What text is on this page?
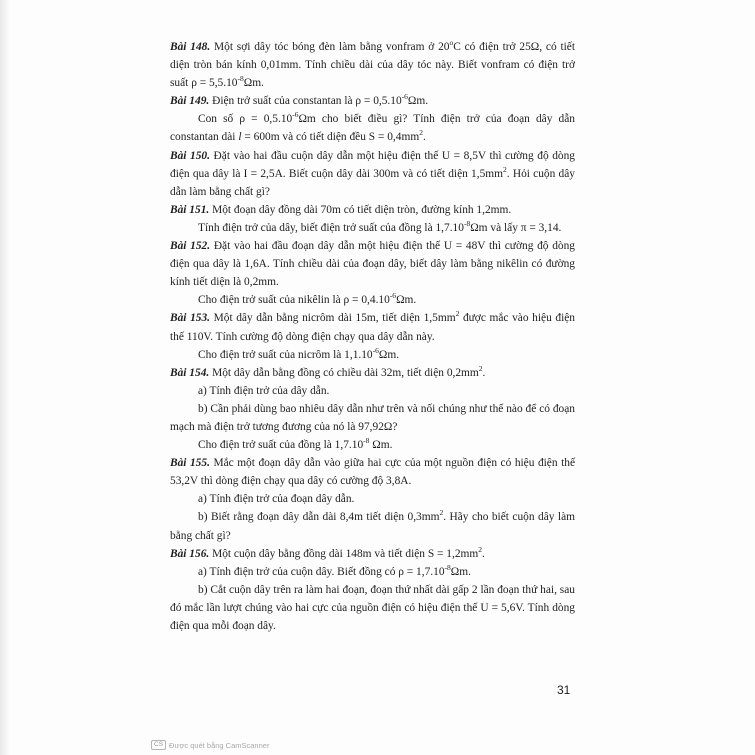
Bài 148. Một sợi dây tóc bóng đèn làm bằng vonfram ở 20$^o$C có điện trở 25Ω, có tiết diện tròn bán kính 0,01mm. Tính chiều dài của dây tóc này. Biết vonfram có điện trở suất $\rho = 5,5.10^{-8}\Omega m$.

Bài 149. Điện trở suất của constantan là $\rho = 0,5.10^{-6}\Omega m$.

Con số $\rho = 0,5.10^{-6}\Omega m$ cho biết điều gì? Tính điện trở của đoạn dây dẫn constantan dài l = 600m và có tiết diện đều $S = 0,4mm^2$.

Bài 150. Đặt vào hai đầu cuộn dây dẫn một hiệu điện thế U = 8,5V thì cường độ dòng điện qua dây là I = 2,5A. Biết cuộn dây dài 300m và có tiết diện $1,5mm^2$. Hỏi cuộn dây dẫn làm bằng chất gì?

Bài 151. Một đoạn dây đồng dài 70m có tiết diện tròn, đường kính 1,2mm.

Tính điện trở của dây, biết điện trở suất của đồng là $1,7.10^{-8}\Omega m$ và lấy π = 3,14.

Bài 152. Đặt vào hai đầu đoạn dây dẫn một hiệu điện thế U = 48V thì cường độ dòng điện qua dây là 1,6A. Tính chiều dài của đoạn dây, biết dây làm bằng nikêlin có đường kính tiết diện là 0,2mm.

Cho điện trở suất của nikêlin là $\rho = 0,4.10^{-6}\Omega m$.

Bài 153. Một dây dẫn bằng nicrôm dài 15m, tiết diện $1,5mm^2$ được mắc vào hiệu điện thế 110V. Tính cường độ dòng điện chạy qua dây dẫn này.

Cho điện trở suất của nicrôm là $1,1.10^{-6}\Omega m$.

Bài 154. Một dây dẫn bằng đồng có chiều dài 32m, tiết diện $0,2mm^2$.

a) Tính điện trở của dây dẫn.

b) Cần phải dùng bao nhiêu dây dẫn như trên và nối chúng như thế nào để có đoạn mạch mà điện trở tương đương của nó là 97,92Ω?

Cho điện trở suất của đồng là $1,7.10^{-8}$ Ωm.

Bài 155. Mắc một đoạn dây dẫn vào giữa hai cực của một nguồn điện có hiệu điện thế 53,2V thì dòng điện chạy qua dây có cường độ 3,8A.

a) Tính điện trở của đoạn dây dẫn.

b) Biết rằng đoạn dây dẫn dài 8,4m tiết diện $0,3mm^2$. Hãy cho biết cuộn dây làm bằng chất gì?

Bài 156. Một cuộn dây bằng đồng dài 148m và tiết diện $S = 1,2mm^2$.

a) Tính điện trở của cuộn dây. Biết đồng có $\rho = 1,7.10^{-8}\Omega m$.

b) Cắt cuộn dây trên ra làm hai đoạn, đoạn thứ nhất dài gấp 2 lần đoạn thứ hai, sau đó mắc lần lượt chúng vào hai cực của nguồn điện có hiệu điện thế U = 5,6V. Tính dòng điện qua mỗi đoạn dây.

31
CS Được quét bằng CamScanner
